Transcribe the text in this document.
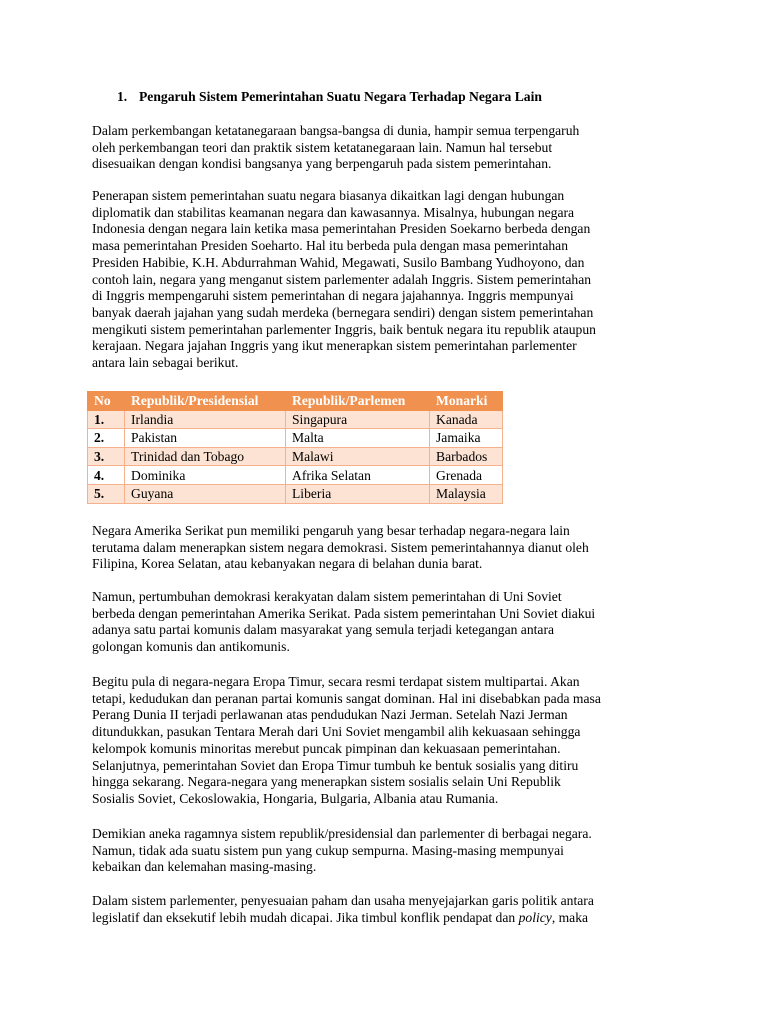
1. Pengaruh Sistem Pemerintahan Suatu Negara Terhadap Negara Lain

Dalam perkembangan ketatanegaraan bangsa-bangsa di dunia, hampir semua terpengaruh
oleh perkembangan teori dan praktik sistem ketatanegaraan lain. Namun hal tersebut
disesuaikan dengan kondisi bangsanya yang berpengaruh pada sistem pemerintahan.

Penerapan sistem pemerintahan suatu negara biasanya dikaitkan lagi dengan hubungan
diplomatik dan stabilitas keamanan negara dan kawasannya. Misalnya, hubungan negara
Indonesia dengan negara lain ketika masa pemerintahan Presiden Soekarno berbeda dengan
masa pemerintahan Presiden Soeharto. Hal itu berbeda pula dengan masa pemerintahan
Presiden Habibie, K.H. Abdurrahman Wahid, Megawati, Susilo Bambang Yudhoyono, dan
contoh lain, negara yang menganut sistem parlementer adalah Inggris. Sistem pemerintahan
di Inggris mempengaruhi sistem pemerintahan di negara jajahannya. Inggris mempunyai
banyak daerah jajahan yang sudah merdeka (bernegara sendiri) dengan sistem pemerintahan
mengikuti sistem pemerintahan parlementer Inggris, baik bentuk negara itu republik ataupun
kerajaan. Negara jajahan Inggris yang ikut menerapkan sistem pemerintahan parlementer
antara lain sebagai berikut.

No	Republik/Presidensial	Republik/Parlemen	Monarki
1.	Irlandia	Singapura	Kanada
2.	Pakistan	Malta	Jamaika
3.	Trinidad dan Tobago	Malawi	Barbados
4.	Dominika	Afrika Selatan	Grenada
5.	Guyana	Liberia	Malaysia

Negara Amerika Serikat pun memiliki pengaruh yang besar terhadap negara-negara lain
terutama dalam menerapkan sistem negara demokrasi. Sistem pemerintahannya dianut oleh
Filipina, Korea Selatan, atau kebanyakan negara di belahan dunia barat.

Namun, pertumbuhan demokrasi kerakyatan dalam sistem pemerintahan di Uni Soviet
berbeda dengan pemerintahan Amerika Serikat. Pada sistem pemerintahan Uni Soviet diakui
adanya satu partai komunis dalam masyarakat yang semula terjadi ketegangan antara
golongan komunis dan antikomunis.

Begitu pula di negara-negara Eropa Timur, secara resmi terdapat sistem multipartai. Akan
tetapi, kedudukan dan peranan partai komunis sangat dominan. Hal ini disebabkan pada masa
Perang Dunia II terjadi perlawanan atas pendudukan Nazi Jerman. Setelah Nazi Jerman
ditundukkan, pasukan Tentara Merah dari Uni Soviet mengambil alih kekuasaan sehingga
kelompok komunis minoritas merebut puncak pimpinan dan kekuasaan pemerintahan.
Selanjutnya, pemerintahan Soviet dan Eropa Timur tumbuh ke bentuk sosialis yang ditiru
hingga sekarang. Negara-negara yang menerapkan sistem sosialis selain Uni Republik
Sosialis Soviet, Cekoslowakia, Hongaria, Bulgaria, Albania atau Rumania.

Demikian aneka ragamnya sistem republik/presidensial dan parlementer di berbagai negara.
Namun, tidak ada suatu sistem pun yang cukup sempurna. Masing-masing mempunyai
kebaikan dan kelemahan masing-masing.

Dalam sistem parlementer, penyesuaian paham dan usaha menyejajarkan garis politik antara
legislatif dan eksekutif lebih mudah dicapai. Jika timbul konflik pendapat dan policy, maka
